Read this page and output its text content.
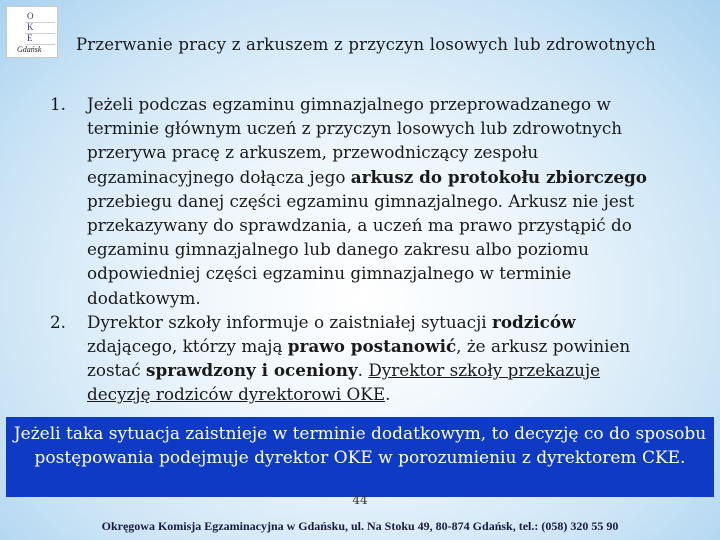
O
K
E
Gdańsk Przerwanie pracy z arkuszem z przyczyn losowych lub zdrowotnych
1. Jeżeli podczas egzaminu gimnazjalnego przeprowadzanego w terminie głównym uczeń z przyczyn losowych lub zdrowotnych przerywa pracę z arkuszem, przewodniczący zespołu egzaminacyjnego dołącza jego arkusz do protokołu zbiorczego przebiegu danej części egzaminu gimnazjalnego. Arkusz nie jest przekazywany do sprawdzania, a uczeń ma prawo przystąpić do egzaminu gimnazjalnego lub danego zakresu albo poziomu odpowiedniej części egzaminu gimnazjalnego w terminie dodatkowym.
2. Dyrektor szkoły informuje o zaistniałej sytuacji rodziców zdającego, którzy mają prawo postanowić, że arkusz powinien zostać sprawdzony i oceniony. Dyrektor szkoły przekazuje decyzję rodziców dyrektorowi OKE.
Jeżeli taka sytuacja zaistnieje w terminie dodatkowym, to decyzję co do sposobu postępowania podejmuje dyrektor OKE w porozumieniu z dyrektorem CKE.
44
Okręgowa Komisja Egzaminacyjna w Gdańsku, ul. Na Stoku 49, 80-874 Gdańsk, tel.: (058) 320 55 90
